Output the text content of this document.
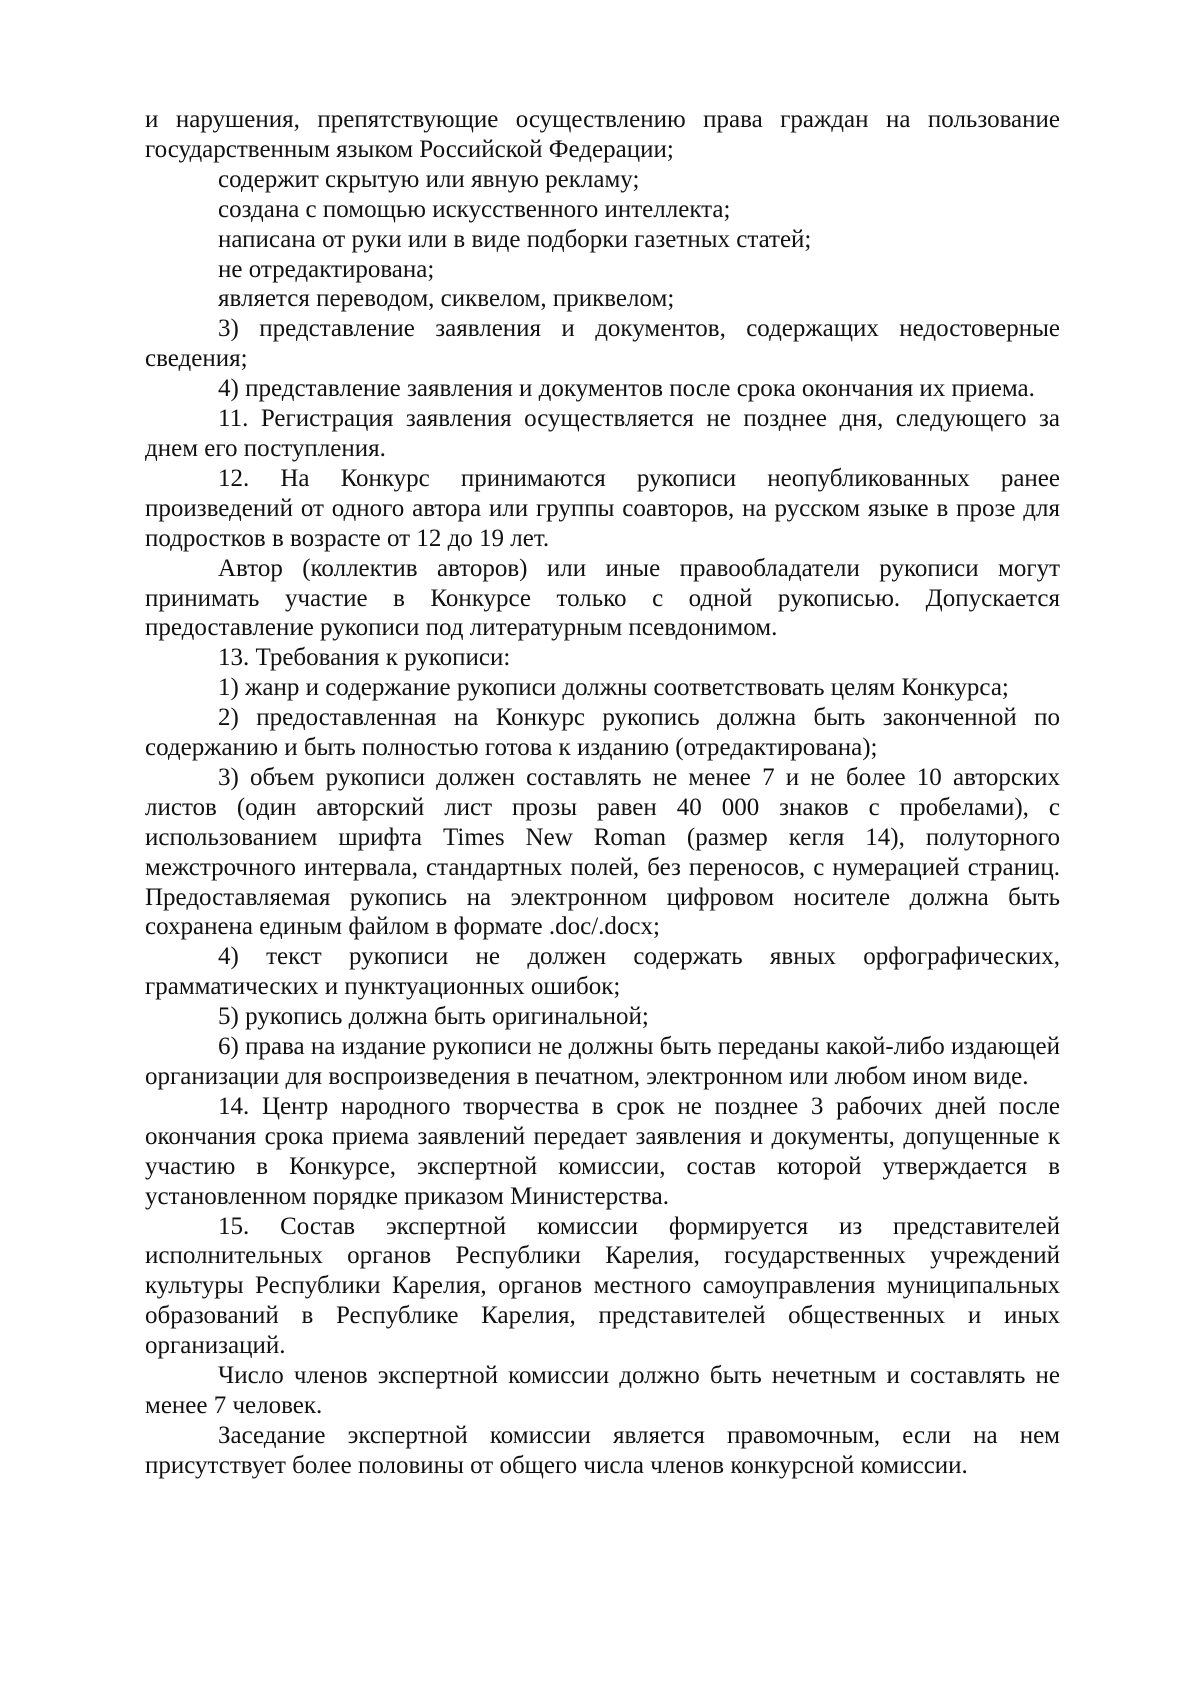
и нарушения, препятствующие осуществлению права граждан на пользование государственным языком Российской Федерации;

содержит скрытую или явную рекламу;

создана с помощью искусственного интеллекта;

написана от руки или в виде подборки газетных статей;

не отредактирована;

является переводом, сиквелом, приквелом;

3) представление заявления и документов, содержащих недостоверные сведения;

4) представление заявления и документов после срока окончания их приема.

11. Регистрация заявления осуществляется не позднее дня, следующего за днем его поступления.

12. На Конкурс принимаются рукописи неопубликованных ранее произведений от одного автора или группы соавторов, на русском языке в прозе для подростков в возрасте от 12 до 19 лет.

Автор (коллектив авторов) или иные правообладатели рукописи могут принимать участие в Конкурсе только с одной рукописью. Допускается предоставление рукописи под литературным псевдонимом.

13. Требования к рукописи:

1) жанр и содержание рукописи должны соответствовать целям Конкурса;

2) предоставленная на Конкурс рукопись должна быть законченной по содержанию и быть полностью готова к изданию (отредактирована);

3) объем рукописи должен составлять не менее 7 и не более 10 авторских листов (один авторский лист прозы равен 40 000 знаков с пробелами), с использованием шрифта Times New Roman (размер кегля 14), полуторного межстрочного интервала, стандартных полей, без переносов, с нумерацией страниц. Предоставляемая рукопись на электронном цифровом носителе должна быть сохранена единым файлом в формате .doc/.docx;

4) текст рукописи не должен содержать явных орфографических, грамматических и пунктуационных ошибок;

5) рукопись должна быть оригинальной;

6) права на издание рукописи не должны быть переданы какой-либо издающей организации для воспроизведения в печатном, электронном или любом ином виде.

14. Центр народного творчества в срок не позднее 3 рабочих дней после окончания срока приема заявлений передает заявления и документы, допущенные к участию в Конкурсе, экспертной комиссии, состав которой утверждается в установленном порядке приказом Министерства.

15. Состав экспертной комиссии формируется из представителей исполнительных органов Республики Карелия, государственных учреждений культуры Республики Карелия, органов местного самоуправления муниципальных образований в Республике Карелия, представителей общественных и иных организаций.

Число членов экспертной комиссии должно быть нечетным и составлять не менее 7 человек.

Заседание экспертной комиссии является правомочным, если на нем присутствует более половины от общего числа членов конкурсной комиссии.
